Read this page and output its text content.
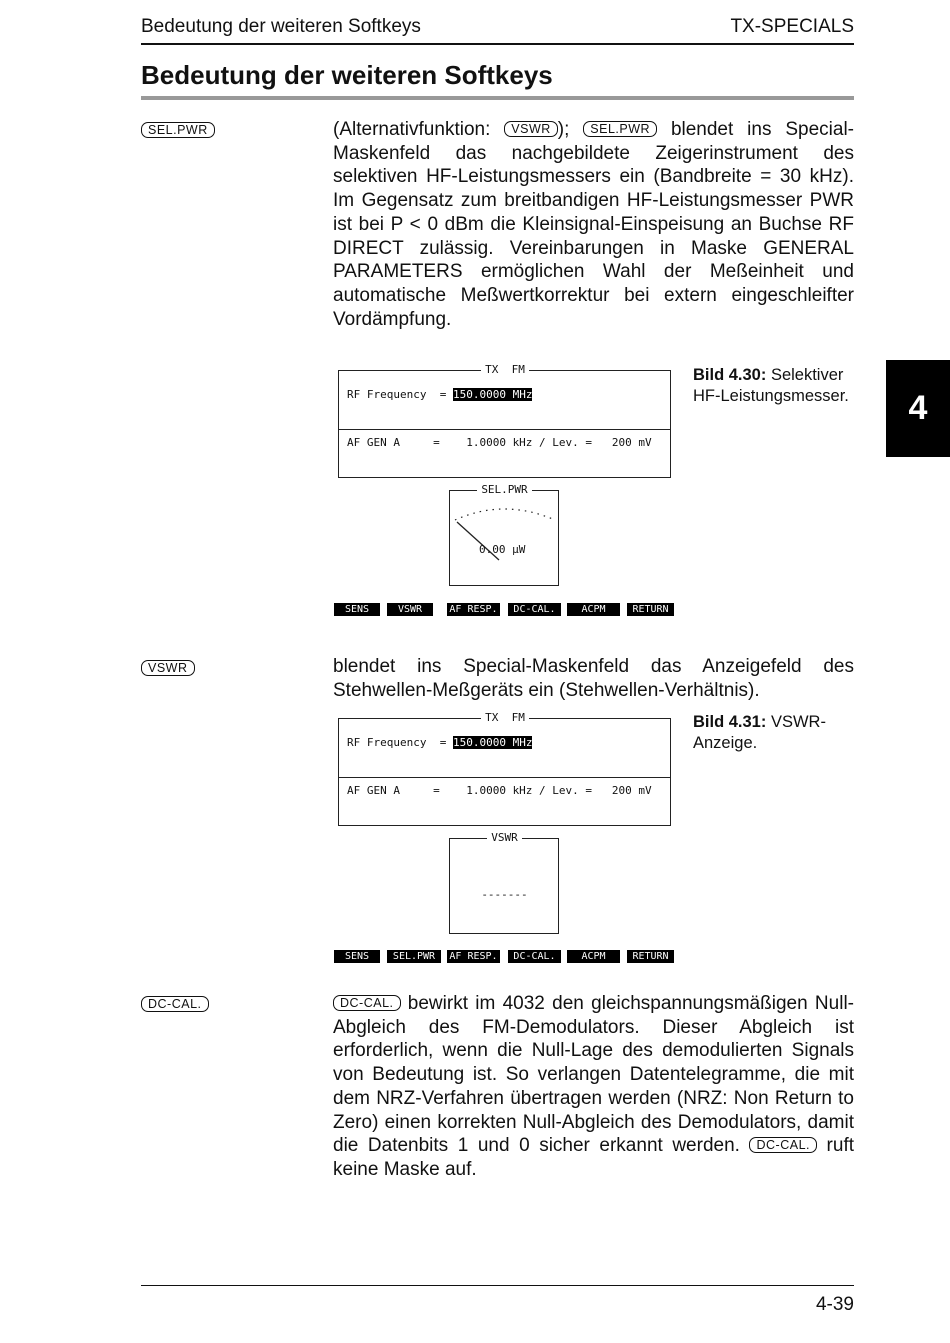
Bedeutung der weiteren Softkeys	TX-SPECIALS
Bedeutung der weiteren Softkeys
4
SEL.PWR	(Alternativfunktion: VSWR ); SEL.PWR blendet ins Special-Maskenfeld das nachgebildete Zeigerinstrument des selektiven HF-Leistungsmessers ein (Bandbreite = 30 kHz). Im Gegensatz zum breitbandigen HF-Leistungsmesser PWR ist bei P < 0 dBm die Kleinsignal-Einspeisung an Buchse RF DIRECT zulässig. Vereinbarungen in Maske GENERAL PARAMETERS ermöglichen Wahl der Meßeinheit und automatische Meßwertkorrektur bei extern eingeschleifter Vordämpfung.
TX  FM
RF Frequency  = 150.0000 MHz
AF GEN A     =    1.0000 kHz / Lev. =   200 mV
SEL.PWR
0.00 μW
SENS	VSWR	AF RESP.	DC-CAL.	ACPM	RETURN
Bild 4.30: Selektiver HF-Leistungsmesser.
VSWR	blendet ins Special-Maskenfeld das Anzeigefeld des Stehwellen-Meßgeräts ein (Stehwellen-Verhältnis).
TX  FM
RF Frequency  = 150.0000 MHz
AF GEN A     =    1.0000 kHz / Lev. =   200 mV
VSWR
-------
SENS	SEL.PWR	AF RESP.	DC-CAL.	ACPM	RETURN
Bild 4.31: VSWR-Anzeige.
DC-CAL.	DC-CAL. bewirkt im 4032 den gleichspannungsmäßigen Null-Abgleich des FM-Demodulators. Dieser Abgleich ist erforderlich, wenn die Null-Lage des demodulierten Signals von Bedeutung ist. So verlangen Datentelegramme, die mit dem NRZ-Verfahren übertragen werden (NRZ: Non Return to Zero) einen korrekten Null-Abgleich des Demodulators, damit die Datenbits 1 und 0 sicher erkannt werden. DC-CAL. ruft keine Maske auf.
4-39
